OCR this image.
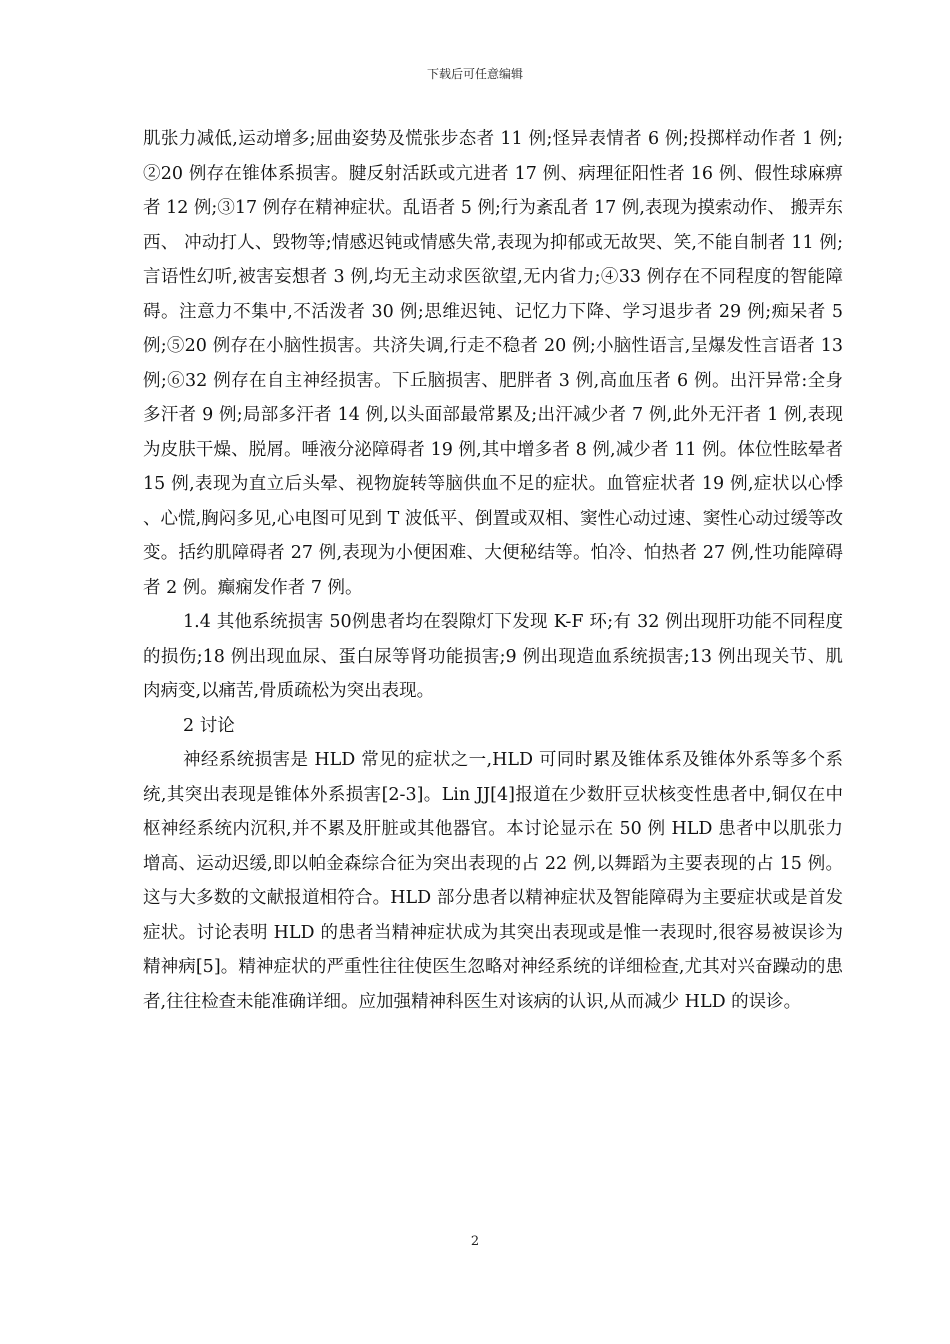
下载后可任意编辑

肌张力减低,运动增多;屈曲姿势及慌张步态者 11 例;怪异表情者 6 例;投掷样动作者 1 例;②20 例存在锥体系损害。腱反射活跃或亢进者 17 例、病理征阳性者 16 例、假性球麻痹者 12 例;③17 例存在精神症状。乱语者 5 例;行为紊乱者 17 例,表现为摸索动作、 搬弄东西、 冲动打人、毁物等;情感迟钝或情感失常,表现为抑郁或无故哭、笑,不能自制者 11 例;言语性幻听,被害妄想者 3 例,均无主动求医欲望,无内省力;④33 例存在不同程度的智能障碍。注意力不集中,不活泼者 30 例;思维迟钝、记忆力下降、学习退步者 29 例;痴呆者 5 例;⑤20 例存在小脑性损害。共济失调,行走不稳者 20 例;小脑性语言,呈爆发性言语者 13 例;⑥32 例存在自主神经损害。下丘脑损害、肥胖者 3 例,高血压者 6 例。出汗异常:全身多汗者 9 例;局部多汗者 14 例,以头面部最常累及;出汗减少者 7 例,此外无汗者 1 例,表现为皮肤干燥、脱屑。唾液分泌障碍者 19 例,其中增多者 8 例,减少者 11 例。体位性眩晕者 15 例,表现为直立后头晕、视物旋转等脑供血不足的症状。血管症状者 19 例,症状以心悸、心慌,胸闷多见,心电图可见到 T 波低平、倒置或双相、窦性心动过速、窦性心动过缓等改变。括约肌障碍者 27 例,表现为小便困难、大便秘结等。怕冷、怕热者 27 例,性功能障碍者 2 例。癫痫发作者 7 例。

1.4 其他系统损害 50例患者均在裂隙灯下发现 K-F 环;有 32 例出现肝功能不同程度的损伤;18 例出现血尿、蛋白尿等肾功能损害;9 例出现造血系统损害;13 例出现关节、肌肉病变,以痛苦,骨质疏松为突出表现。

2 讨论

神经系统损害是 HLD 常见的症状之一,HLD 可同时累及锥体系及锥体外系等多个系统,其突出表现是锥体外系损害[2-3]。Lin JJ[4]报道在少数肝豆状核变性患者中,铜仅在中枢神经系统内沉积,并不累及肝脏或其他器官。本讨论显示在 50 例 HLD 患者中以肌张力增高、运动迟缓,即以帕金森综合征为突出表现的占 22 例,以舞蹈为主要表现的占 15 例。这与大多数的文献报道相符合。HLD 部分患者以精神症状及智能障碍为主要症状或是首发症状。讨论表明 HLD 的患者当精神症状成为其突出表现或是惟一表现时,很容易被误诊为精神病[5]。精神症状的严重性往往使医生忽略对神经系统的详细检查,尤其对兴奋躁动的患者,往往检查未能准确详细。应加强精神科医生对该病的认识,从而减少 HLD 的误诊。

2
